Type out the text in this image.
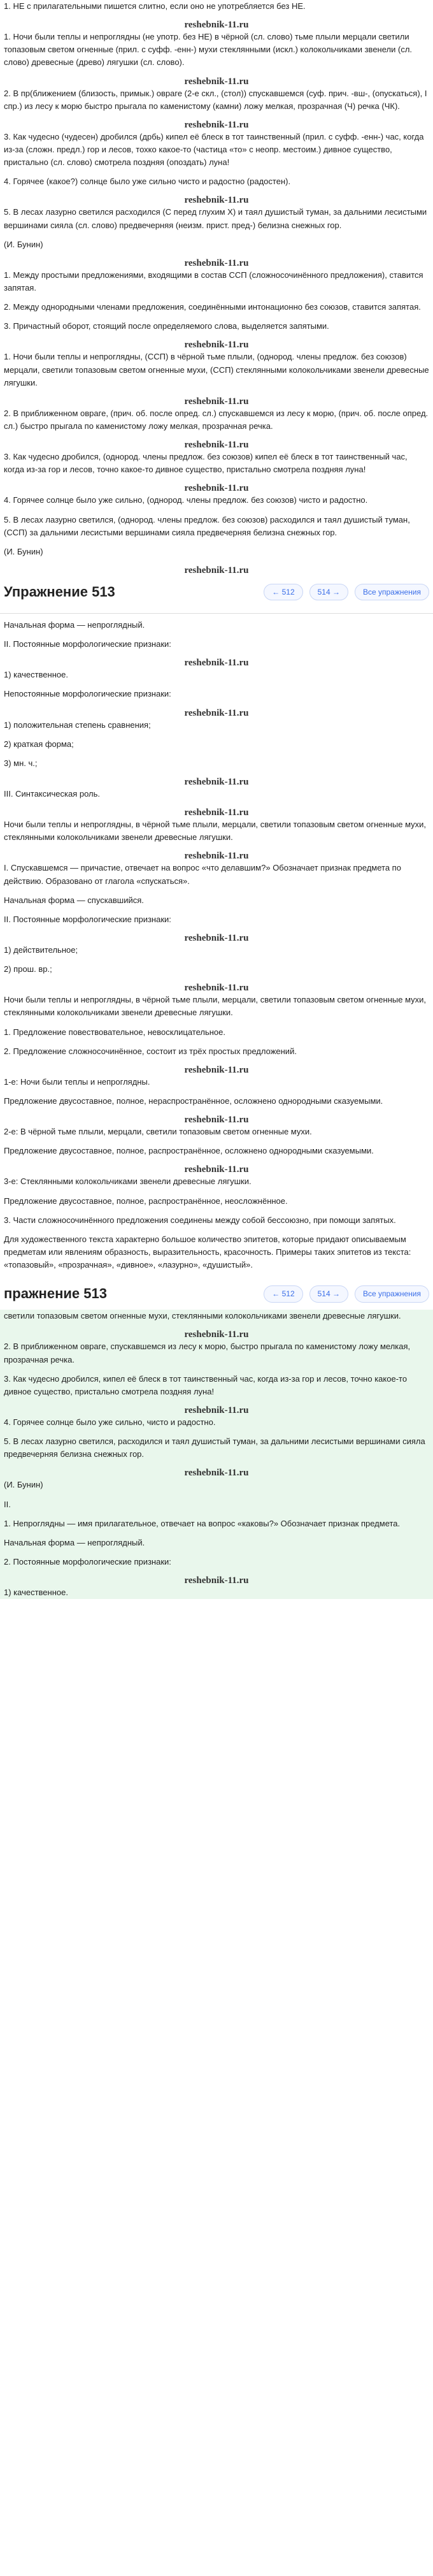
1. НЕ с прилагательными пишется слитно, если оно не употребляется без НЕ.

reshebnik-11.ru

1. Ночи были теплы и непроглядны (не употр. без НЕ) в чёрной (сл. слово) тьме плыли мерцали светили топазовым светом огненные (прил. с суфф. -енн-) мухи стеклянными (искл.) колокольчиками звенели (сл. слово) древесные (древо) лягушки (сл. слово).

reshebnik-11.ru

2. В пр(ближением (близость, примык.) овраге (2-е скл., (стол)) спускавшемся (суф. прич. -вш-, (опускаться), I спр.) из лесу к морю быстро прыгала по каменистому (камни) ложу мелкая, прозрачная (Ч) речка (ЧК).

reshebnik-11.ru

3. Как чудесно (чудесен) дробился (дрбь) кипел её блеск в тот таинственный (прил. с суфф. -енн-) час, когда из-за (сложн. предл.) гор и лесов, тохко какое-то (частица «то» с неопр. местоим.) дивное существо, пристально (сл. слово) смотрела поздняя (опоздать) луна!

4. Горячее (какое?) солнце было уже сильно чисто и радостно (радостен).

reshebnik-11.ru

5. В лесах лазурно светился расходился (С перед глухим Х) и таял душистый туман, за дальними лесистыми вершинами сияла (сл. слово) предвечерняя (неизм. прист. пред-) белизна снежных гор.

(И. Бунин)

reshebnik-11.ru

1. Между простыми предложениями, входящими в состав ССП (сложносочинённого предложения), ставится запятая.

2. Между однородными членами предложения, соединёнными интонационно без союзов, ставится запятая.

3. Причастный оборот, стоящий после определяемого слова, выделяется запятыми.

reshebnik-11.ru

1. Ночи были теплы и непроглядны, (ССП) в чёрной тьме плыли, (однород. члены предлож. без союзов) мерцали, светили топазовым светом огненные мухи, (ССП) стеклянными колокольчиками звенели древесные лягушки.

reshebnik-11.ru

2. В приближенном овраге, (прич. об. после опред. сл.) спускавшемся из лесу к морю, (прич. об. после опред. сл.) быстро прыгала по каменистому ложу мелкая, прозрачная речка.

reshebnik-11.ru

3. Как чудесно дробился, (однород. члены предлож. без союзов) кипел её блеск в тот таинственный час, когда из-за гор и лесов, точно какое-то дивное существо, пристально смотрела поздняя луна!

reshebnik-11.ru

4. Горячее солнце было уже сильно, (однород. члены предлож. без союзов) чисто и радостно.

5. В лесах лазурно светился, (однород. члены предлож. без союзов) расходился и таял душистый туман, (ССП) за дальними лесистыми вершинами сияла предвечерняя белизна снежных гор.

(И. Бунин)

reshebnik-11.ru
Упражнение 513	← 512	514 →	Все упражнения

Начальная форма — непроглядный.

II. Постоянные морфологические признаки:

reshebnik-11.ru

1) качественное.

Непостоянные морфологические признаки:

reshebnik-11.ru

1) положительная степень сравнения;

2) краткая форма;

3) мн. ч.;

reshebnik-11.ru

III. Синтаксическая роль.

reshebnik-11.ru

Ночи были теплы и непроглядны, в чёрной тьме плыли, мерцали, светили топазовым светом огненные мухи, стеклянными колокольчиками звенели древесные лягушки.

reshebnik-11.ru

I. Спускавшемся — причастие, отвечает на вопрос «что делавшим?» Обозначает признак предмета по действию. Образовано от глагола «спускаться».

Начальная форма — спускавшийся.

II. Постоянные морфологические признаки:

reshebnik-11.ru

1) действительное;

2) прош. вр.;

reshebnik-11.ru

Ночи были теплы и непроглядны, в чёрной тьме плыли, мерцали, светили топазовым светом огненные мухи, стеклянными колокольчиками звенели древесные лягушки.

1. Предложение повествовательное, невосклицательное.

2. Предложение сложносочинённое, состоит из трёх простых предложений.

reshebnik-11.ru

1-е: Ночи были теплы и непроглядны.

Предложение двусоставное, полное, нераспространённое, осложнено однородными сказуемыми.

reshebnik-11.ru

2-е: В чёрной тьме плыли, мерцали, светили топазовым светом огненные мухи.

Предложение двусоставное, полное, распространённое, осложнено однородными сказуемыми.

reshebnik-11.ru

3-е: Стеклянными колокольчиками звенели древесные лягушки.

Предложение двусоставное, полное, распространённое, неосложнённое.

3. Части сложносочинённого предложения соединены между собой бессоюзно, при помощи запятых.

Для художественного текста характерно большое количество эпитетов, которые придают описываемым предметам или явлениям образность, выразительность, красочность. Примеры таких эпитетов из текста: «топазовый», «прозрачная», «дивное», «лазурно», «душистый».

пражнение 513	← 512	514 →	Все упражнения

светили топазовым светом огненные мухи, стеклянными колокольчиками звенели древесные лягушки.

reshebnik-11.ru

2. В приближенном овраге, спускавшемся из лесу к морю, быстро прыгала по каменистому ложу мелкая, прозрачная речка.

3. Как чудесно дробился, кипел её блеск в тот таинственный час, когда из-за гор и лесов, точно какое-то дивное существо, пристально смотрела поздняя луна!

reshebnik-11.ru

4. Горячее солнце было уже сильно, чисто и радостно.

5. В лесах лазурно светился, расходился и таял душистый туман, за дальними лесистыми вершинами сияла предвечерняя белизна снежных гор.

reshebnik-11.ru

(И. Бунин)

II.

1. Непроглядны — имя прилагательное, отвечает на вопрос «каковы?» Обозначает признак предмета.

Начальная форма — непроглядный.

2. Постоянные морфологические признаки:

reshebnik-11.ru

1) качественное.
